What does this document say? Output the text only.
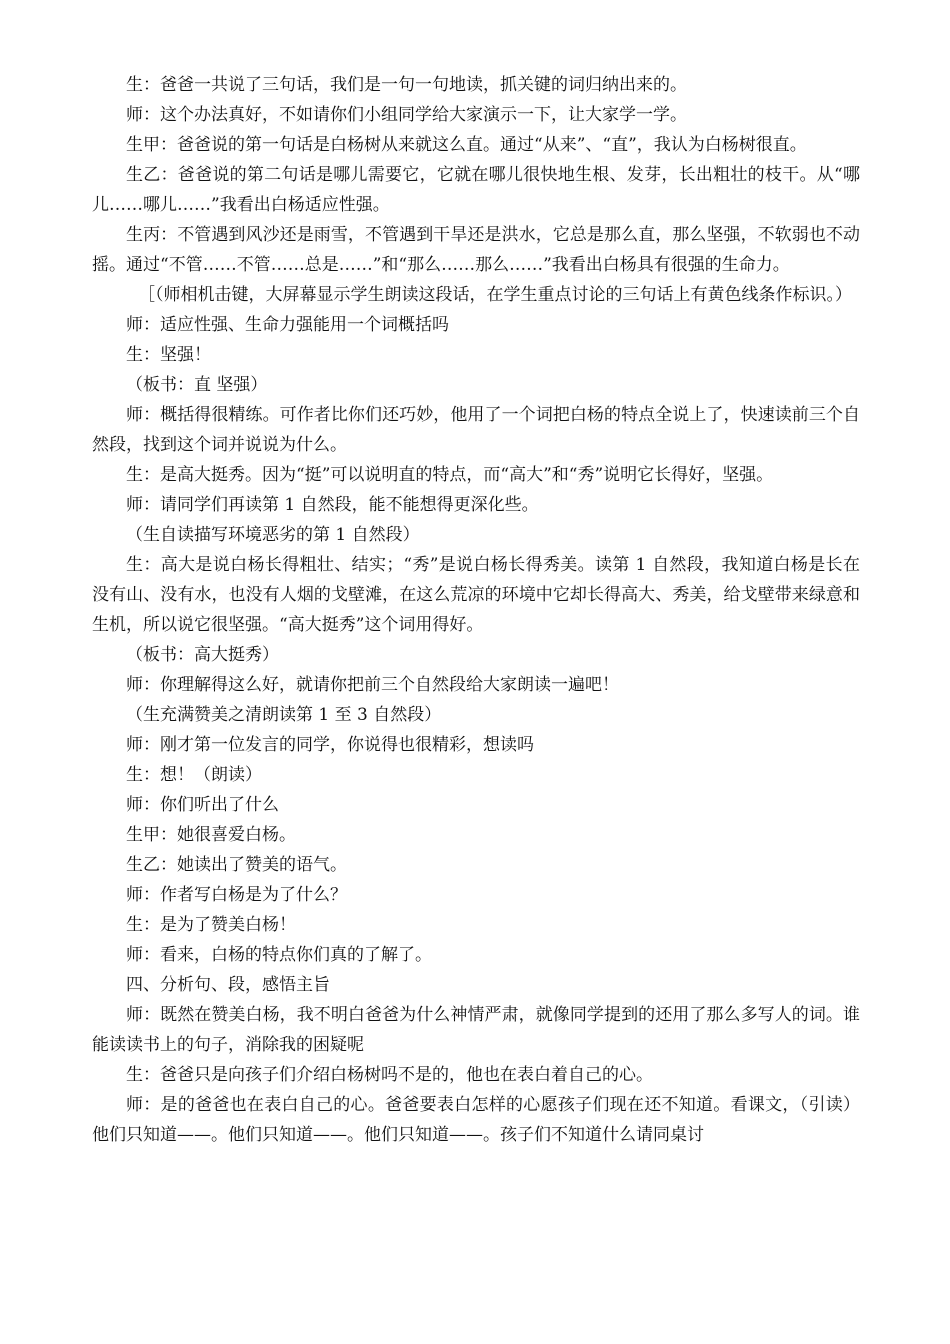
生：爸爸一共说了三句话，我们是一句一句地读，抓关键的词归纳出来的。

师：这个办法真好，不如请你们小组同学给大家演示一下，让大家学一学。

生甲：爸爸说的第一句话是白杨树从来就这么直。通过“从来”、“直”，我认为白杨树很直。

生乙：爸爸说的第二句话是哪儿需要它，它就在哪儿很快地生根、发芽，长出粗壮的枝干。从“哪儿……哪儿……”我看出白杨适应性强。

生丙：不管遇到风沙还是雨雪，不管遇到干旱还是洪水，它总是那么直，那么坚强，不软弱也不动摇。通过“不管……不管……总是……”和“那么……那么……”我看出白杨具有很强的生命力。

［（师相机击键，大屏幕显示学生朗读这段话，在学生重点讨论的三句话上有黄色线条作标识。）

师：适应性强、生命力强能用一个词概括吗

生：坚强！

（板书：直 坚强）

师：概括得很精练。可作者比你们还巧妙，他用了一个词把白杨的特点全说上了，快速读前三个自然段，找到这个词并说说为什么。

生：是高大挺秀。因为“挺”可以说明直的特点，而“高大”和“秀”说明它长得好，坚强。

师：请同学们再读第 1 自然段，能不能想得更深化些。

（生自读描写环境恶劣的第 1 自然段）

生：高大是说白杨长得粗壮、结实；“秀”是说白杨长得秀美。读第 1 自然段，我知道白杨是长在没有山、没有水，也没有人烟的戈壁滩，在这么荒凉的环境中它却长得高大、秀美，给戈壁带来绿意和生机，所以说它很坚强。“高大挺秀”这个词用得好。

（板书：高大挺秀）

师：你理解得这么好，就请你把前三个自然段给大家朗读一遍吧！

（生充满赞美之清朗读第 1 至 3 自然段）

师：刚才第一位发言的同学，你说得也很精彩，想读吗

生：想！（朗读）

师：你们听出了什么

生甲：她很喜爱白杨。

生乙：她读出了赞美的语气。

师：作者写白杨是为了什么？

生：是为了赞美白杨！

师：看来，白杨的特点你们真的了解了。

四、分析句、段，感悟主旨

师：既然在赞美白杨，我不明白爸爸为什么神情严肃，就像同学提到的还用了那么多写人的词。谁能读读书上的句子，消除我的困疑呢

生：爸爸只是向孩子们介绍白杨树吗不是的，他也在表白着自己的心。

师：是的爸爸也在表白自己的心。爸爸要表白怎样的心愿孩子们现在还不知道。看课文，（引读）他们只知道——。他们只知道——。他们只知道——。孩子们不知道什么请同桌讨
